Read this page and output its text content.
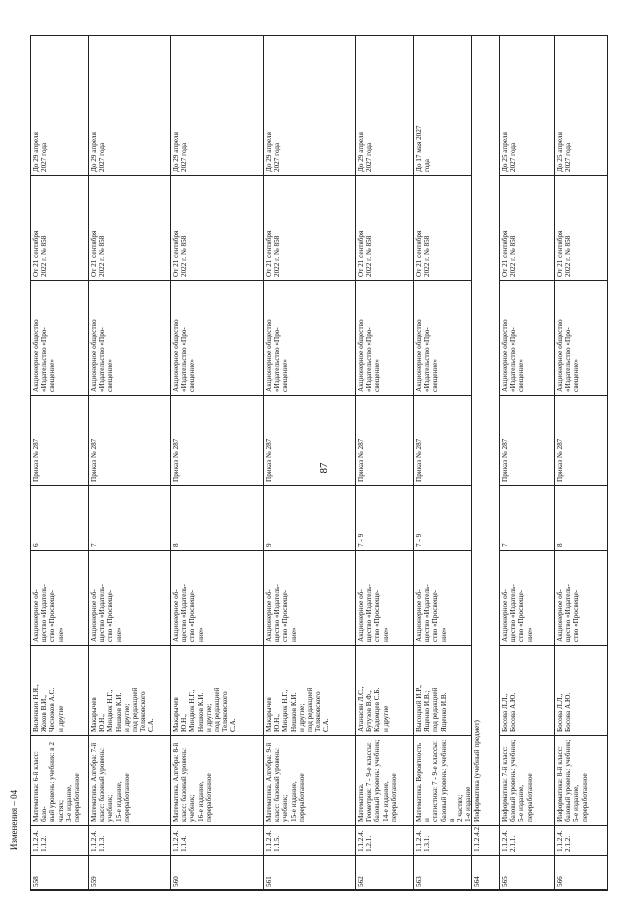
87
Изменения – 04
558
1.1.2.4.
1.1.2.
Математика: 6-й класс: базо-
вый уровень: учебник: в 2
частях;
3-е издание, переработанное
Виленкин Н.Я.,
Жохов В.И.,
Чесноков А.С.
и другие
Акционерное об-
щество «Издатель-
ство «Просвеще-
ние»
6
Приказ № 287
Акционерное общество
«Издательство «Про-
свещение»
От 21 сентября
2022 г. № 858
До 29 апреля
2027 года
559
1.1.2.4.
1.1.3.
Математика. Алгебра: 7-й
класс: базовый уровень:
учебник;
15-е издание, переработанное
Макарычев
Ю.Н.,
Миндюк Н.Г.,
Нешков К.И.
и другие;
под редакцией
Теляковского
С.А.
Акционерное об-
щество «Издатель-
ство «Просвеще-
ние»
7
Приказ № 287
Акционерное общество
«Издательство «Про-
свещение»
От 21 сентября
2022 г. № 858
До 29 апреля
2027 года
560
1.1.2.4.
1.1.4.
Математика. Алгебра: 8-й
класс: базовый уровень:
учебник;
16-е издание, переработанное
Макарычев
Ю.Н.,
Миндюк Н.Г.,
Нешков К.И.
и другие;
под редакцией
Теляковского
С.А.
Акционерное об-
щество «Издатель-
ство «Просвеще-
ние»
8
Приказ № 287
Акционерное общество
«Издательство «Про-
свещение»
От 21 сентября
2022 г. № 858
До 29 апреля
2027 года
561
1.1.2.4.
1.1.5.
Математика. Алгебра: 9-й
класс: базовый уровень:
учебник;
15-е издание, переработанное
Макарычев
Ю.Н.,
Миндюк Н.Г.,
Нешков К.И.
и другие;
под редакцией
Теляковского
С.А.
Акционерное об-
щество «Издатель-
ство «Просвеще-
ние»
9
Приказ № 287
Акционерное общество
«Издательство «Про-
свещение»
От 21 сентября
2022 г. № 858
До 29 апреля
2027 года
562
1.1.2.4.
1.2.1.
Математика.
Геометрия: 7 - 9-е классы:
базовый уровень: учебник;
14-е издание, переработанное
Атанасян Л.С.,
Бутузов В.Ф.,
Кадомцев С.Б.
и другие
Акционерное об-
щество «Издатель-
ство «Просвеще-
ние»
7 - 9
Приказ № 287
Акционерное общество
«Издательство «Про-
свещение»
От 21 сентября
2022 г. № 858
До 29 апреля
2027 года
563
1.1.2.4.
1.3.1.
Математика. Вероятность и
статистика: 7 - 9-е классы:
базовый уровень: учебник: в
2 частях;
1-е издание
Высоцкий И.Р.,
Ященко И.В.;
под редакцией
Ященко И.В.
Акционерное об-
щество «Издатель-
ство «Просвеще-
ние»
7 - 9
Приказ № 287
Акционерное общество
«Издательство «Про-
свещение»
От 21 сентября
2022 г. № 858
До 17 мая 2027
года
565
1.1.2.4.
2.1.1.
Информатика: 7-й класс:
базовый уровень: учебник;
5-е издание, переработанное
Босова Л.Л.,
Босова А.Ю.
Акционерное об-
щество «Издатель-
ство «Просвеще-
ние»
7
Приказ № 287
Акционерное общество
«Издательство «Про-
свещение»
От 21 сентября
2022 г. № 858
До 25 апреля
2027 года
566
1.1.2.4.
2.1.2.
Информатика: 8-й класс:
базовый уровень: учебник;
5-е издание, переработанное
Босова Л.Л.,
Босова А.Ю.
Акционерное об-
щество «Издатель-
ство «Просвеще-
8
Приказ № 287
Акционерное общество
«Издательство «Про-
свещение»
От 21 сентября
2022 г. № 858
До 25 апреля
2027 года
564
1.1.2.4.2.
Информатика (учебный предмет)
